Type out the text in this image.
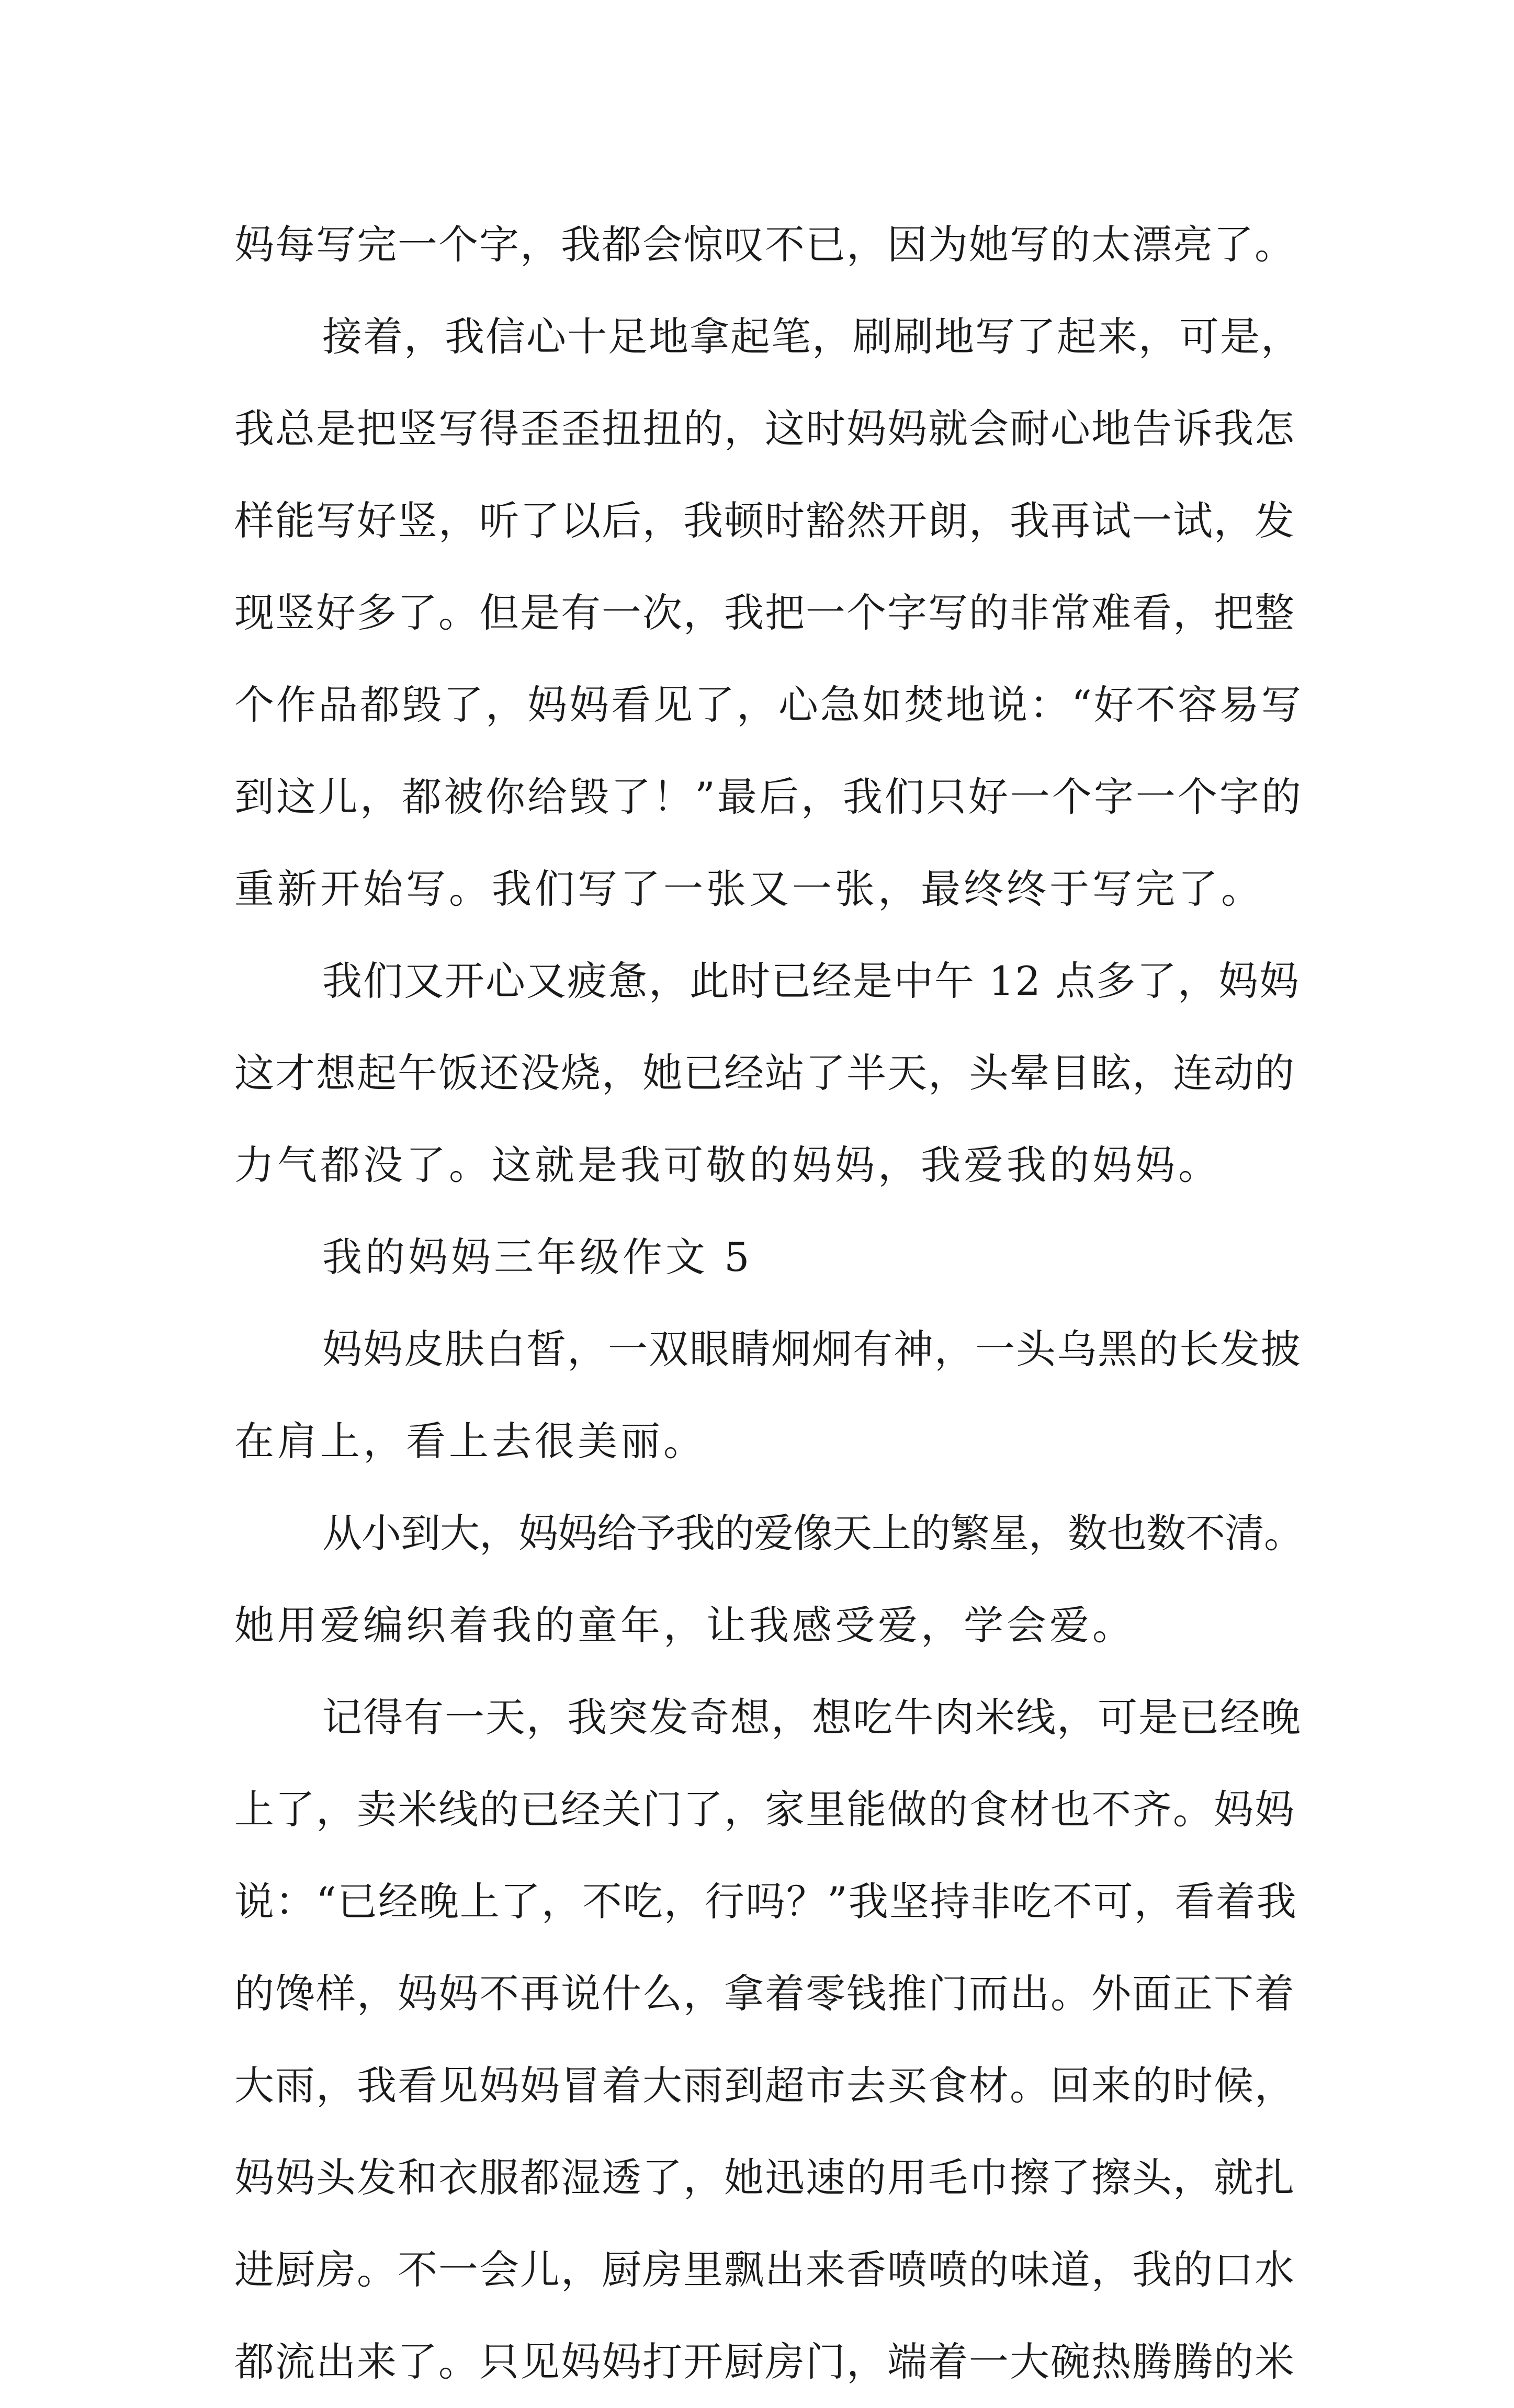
妈每写完一个字，我都会惊叹不已，因为她写的太漂亮了。
接着，我信心十足地拿起笔，刷刷地写了起来，可是，
我总是把竖写得歪歪扭扭的，这时妈妈就会耐心地告诉我怎
样能写好竖，听了以后，我顿时豁然开朗，我再试一试，发
现竖好多了。但是有一次，我把一个字写的非常难看，把整
个作品都毁了，妈妈看见了，心急如焚地说：“好不容易写
到这儿，都被你给毁了！”最后，我们只好一个字一个字的
重新开始写。我们写了一张又一张，最终终于写完了。
我们又开心又疲惫，此时已经是中午 12 点多了，妈妈
这才想起午饭还没烧，她已经站了半天，头晕目眩，连动的
力气都没了。这就是我可敬的妈妈，我爱我的妈妈。
我的妈妈三年级作文 5
妈妈皮肤白皙，一双眼睛炯炯有神，一头乌黑的长发披
在肩上，看上去很美丽。
从小到大，妈妈给予我的爱像天上的繁星，数也数不清。
她用爱编织着我的童年，让我感受爱，学会爱。
记得有一天，我突发奇想，想吃牛肉米线，可是已经晚
上了，卖米线的已经关门了，家里能做的食材也不齐。妈妈
说：“已经晚上了，不吃，行吗？”我坚持非吃不可，看着我
的馋样，妈妈不再说什么，拿着零钱推门而出。外面正下着
大雨，我看见妈妈冒着大雨到超市去买食材。回来的时候，
妈妈头发和衣服都湿透了，她迅速的用毛巾擦了擦头，就扎
进厨房。不一会儿，厨房里飘出来香喷喷的味道，我的口水
都流出来了。只见妈妈打开厨房门，端着一大碗热腾腾的米
